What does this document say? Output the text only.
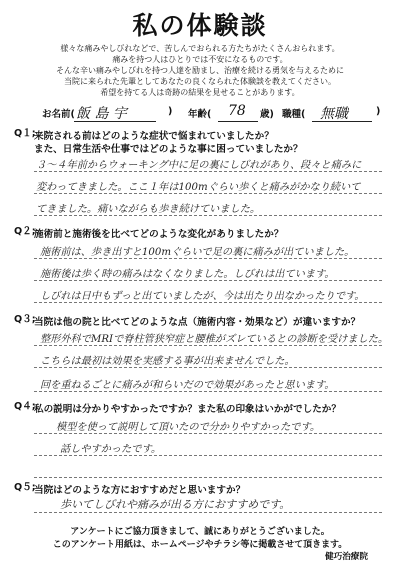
私の体験談
様々な痛みやしびれなどで、苦しんでおられる方たちがたくさんおられます。
痛みを持つ人はひとりでは不安になるものです。
そんな辛い痛みやしびれを持つ人達を励まし、治療を続ける勇気を与えるために
当院に来られた先輩としてあなたの良くなられた体験談を教えてください。
希望を持てる人は奇跡の結果を見せることがあります。
お名前( 飯 島 宇	) 年齢( 78 歳) 職種( 無職	)
Q１;
来院される前はどのような症状で悩まれていましたか？
また、日常生活や仕事ではどのような事に困っていましたか？
３〜４年前からウォーキング中に足の裏にしびれがあり、段々と痛みに
変わってきました。ここ１年は100mぐらい歩くと痛みがかなり続いて
てきました。痛いながらも歩き続けていました。
Q２;
施術前と施術後を比べてどのような変化がありましたか？
施術前は、歩き出すと100mぐらいで足の裏に痛みが出ていました。
施術後は歩く時の痛みはなくなりました。しびれは出ています。
しびれは日中もずっと出ていましたが、今は出たり出なかったりです。
Q３;
当院は他の院と比べてどのような点（施術内容・効果など）が違いますか？
整形外科でMRIで脊柱管狭窄症と腰椎がズレているとの診断を受けました。
こちらは最初は効果を実感する事が出来ませんでした。
回を重ねるごとに痛みが和らいだので効果があったと思います。
Q４;
私の説明は分かりやすかったですか？また私の印象はいかがでしたか？
模型を使って説明して頂いたので分かりやすかったです。
話しやすかったです。
Q５;
当院はどのような方におすすめだと思いますか？
歩いてしびれや痛みが出る方におすすめです。
アンケートにご協力頂きまして、誠にありがとうございました。
このアンケート用紙は、ホームページやチラシ等に掲載させて頂きます。
健巧治療院
